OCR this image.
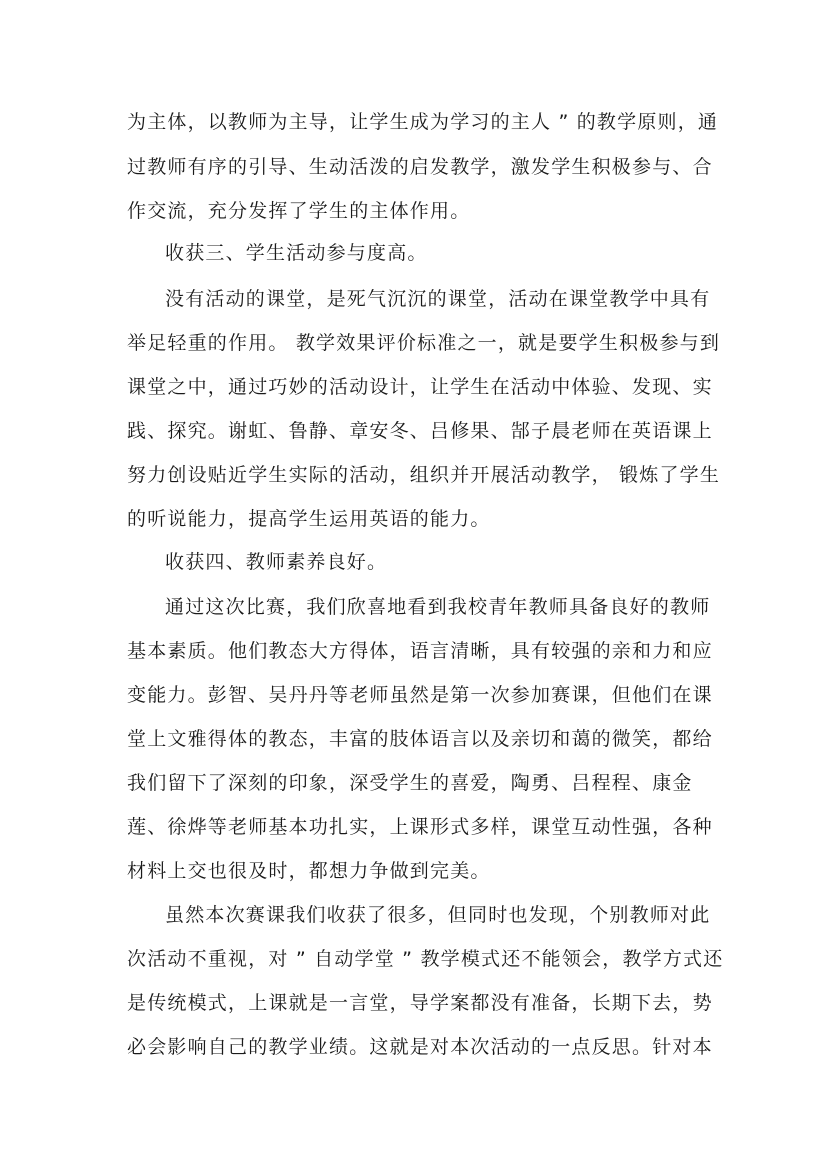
为主体，以教师为主导，让学生成为学习的主人 ” 的教学原则，通
过教师有序的引导、生动活泼的启发教学，激发学生积极参与、合
作交流，充分发挥了学生的主体作用。
收获三、学生活动参与度高。
没有活动的课堂，是死气沉沉的课堂，活动在课堂教学中具有
举足轻重的作用。 教学效果评价标准之一，就是要学生积极参与到
课堂之中，通过巧妙的活动设计，让学生在活动中体验、发现、实
践、探究。谢虹、鲁静、章安冬、吕修果、郜子晨老师在英语课上
努力创设贴近学生实际的活动，组织并开展活动教学， 锻炼了学生
的听说能力，提高学生运用英语的能力。
收获四、教师素养良好。
通过这次比赛，我们欣喜地看到我校青年教师具备良好的教师
基本素质。他们教态大方得体，语言清晰，具有较强的亲和力和应
变能力。彭智、吴丹丹等老师虽然是第一次参加赛课，但他们在课
堂上文雅得体的教态，丰富的肢体语言以及亲切和蔼的微笑，都给
我们留下了深刻的印象，深受学生的喜爱，陶勇、吕程程、康金
莲、徐烨等老师基本功扎实，上课形式多样，课堂互动性强，各种
材料上交也很及时，都想力争做到完美。
虽然本次赛课我们收获了很多，但同时也发现，个别教师对此
次活动不重视，对 ” 自动学堂 ” 教学模式还不能领会，教学方式还
是传统模式，上课就是一言堂，导学案都没有准备，长期下去，势
必会影响自己的教学业绩。这就是对本次活动的一点反思。针对本
